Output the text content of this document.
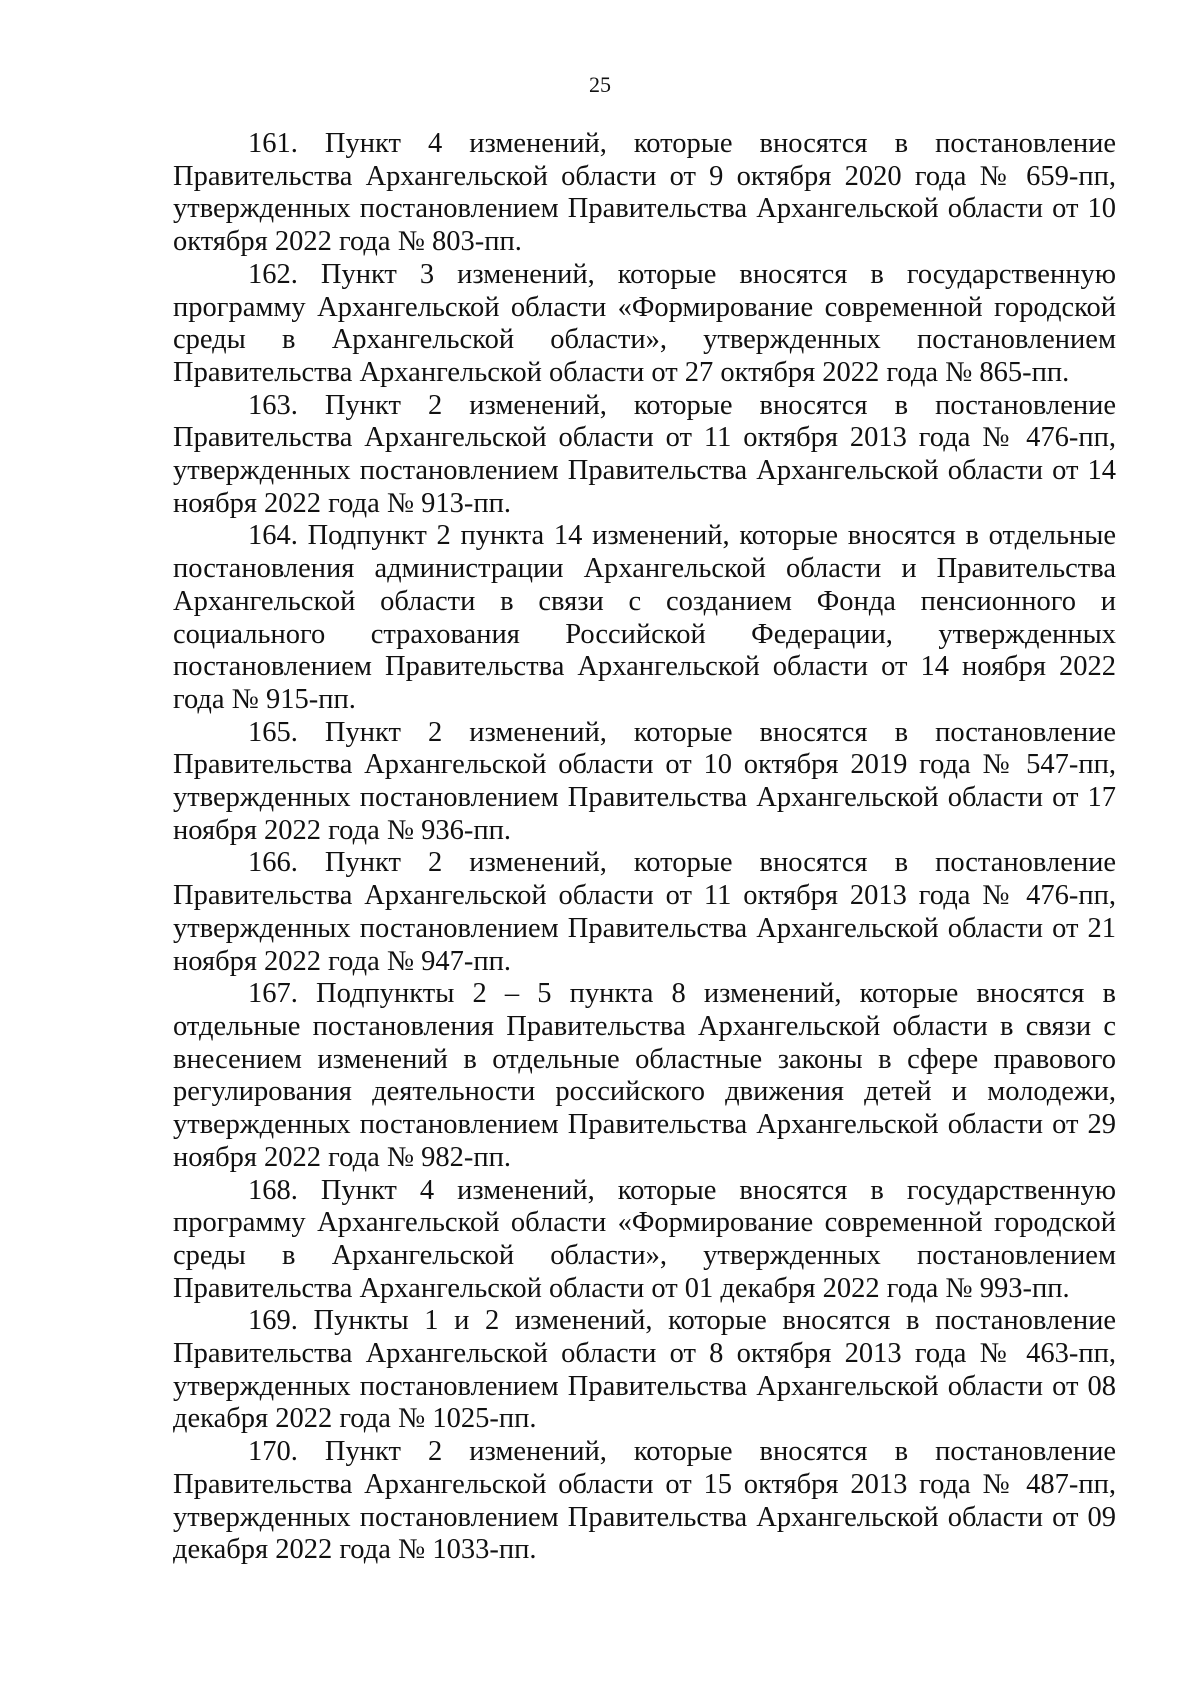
25

161. Пункт 4 изменений, которые вносятся в постановление Правительства Архангельской области от 9 октября 2020 года № 659-пп, утвержденных постановлением Правительства Архангельской области от 10 октября 2022 года № 803-пп.

162. Пункт 3 изменений, которые вносятся в государственную программу Архангельской области «Формирование современной городской среды в Архангельской области», утвержденных постановлением Правительства Архангельской области от 27 октября 2022 года № 865-пп.

163. Пункт 2 изменений, которые вносятся в постановление Правительства Архангельской области от 11 октября 2013 года № 476-пп, утвержденных постановлением Правительства Архангельской области от 14 ноября 2022 года № 913-пп.

164. Подпункт 2 пункта 14 изменений, которые вносятся в отдельные постановления администрации Архангельской области и Правительства Архангельской области в связи с созданием Фонда пенсионного и социального страхования Российской Федерации, утвержденных постановлением Правительства Архангельской области от 14 ноября 2022 года № 915-пп.

165. Пункт 2 изменений, которые вносятся в постановление Правительства Архангельской области от 10 октября 2019 года № 547-пп, утвержденных постановлением Правительства Архангельской области от 17 ноября 2022 года № 936-пп.

166. Пункт 2 изменений, которые вносятся в постановление Правительства Архангельской области от 11 октября 2013 года № 476-пп, утвержденных постановлением Правительства Архангельской области от 21 ноября 2022 года № 947-пп.

167. Подпункты 2 – 5 пункта 8 изменений, которые вносятся в отдельные постановления Правительства Архангельской области в связи с внесением изменений в отдельные областные законы в сфере правового регулирования деятельности российского движения детей и молодежи, утвержденных постановлением Правительства Архангельской области от 29 ноября 2022 года № 982-пп.

168. Пункт 4 изменений, которые вносятся в государственную программу Архангельской области «Формирование современной городской среды в Архангельской области», утвержденных постановлением Правительства Архангельской области от 01 декабря 2022 года № 993-пп.

169. Пункты 1 и 2 изменений, которые вносятся в постановление Правительства Архангельской области от 8 октября 2013 года № 463-пп, утвержденных постановлением Правительства Архангельской области от 08 декабря 2022 года № 1025-пп.

170. Пункт 2 изменений, которые вносятся в постановление Правительства Архангельской области от 15 октября 2013 года № 487-пп, утвержденных постановлением Правительства Архангельской области от 09 декабря 2022 года № 1033-пп.
